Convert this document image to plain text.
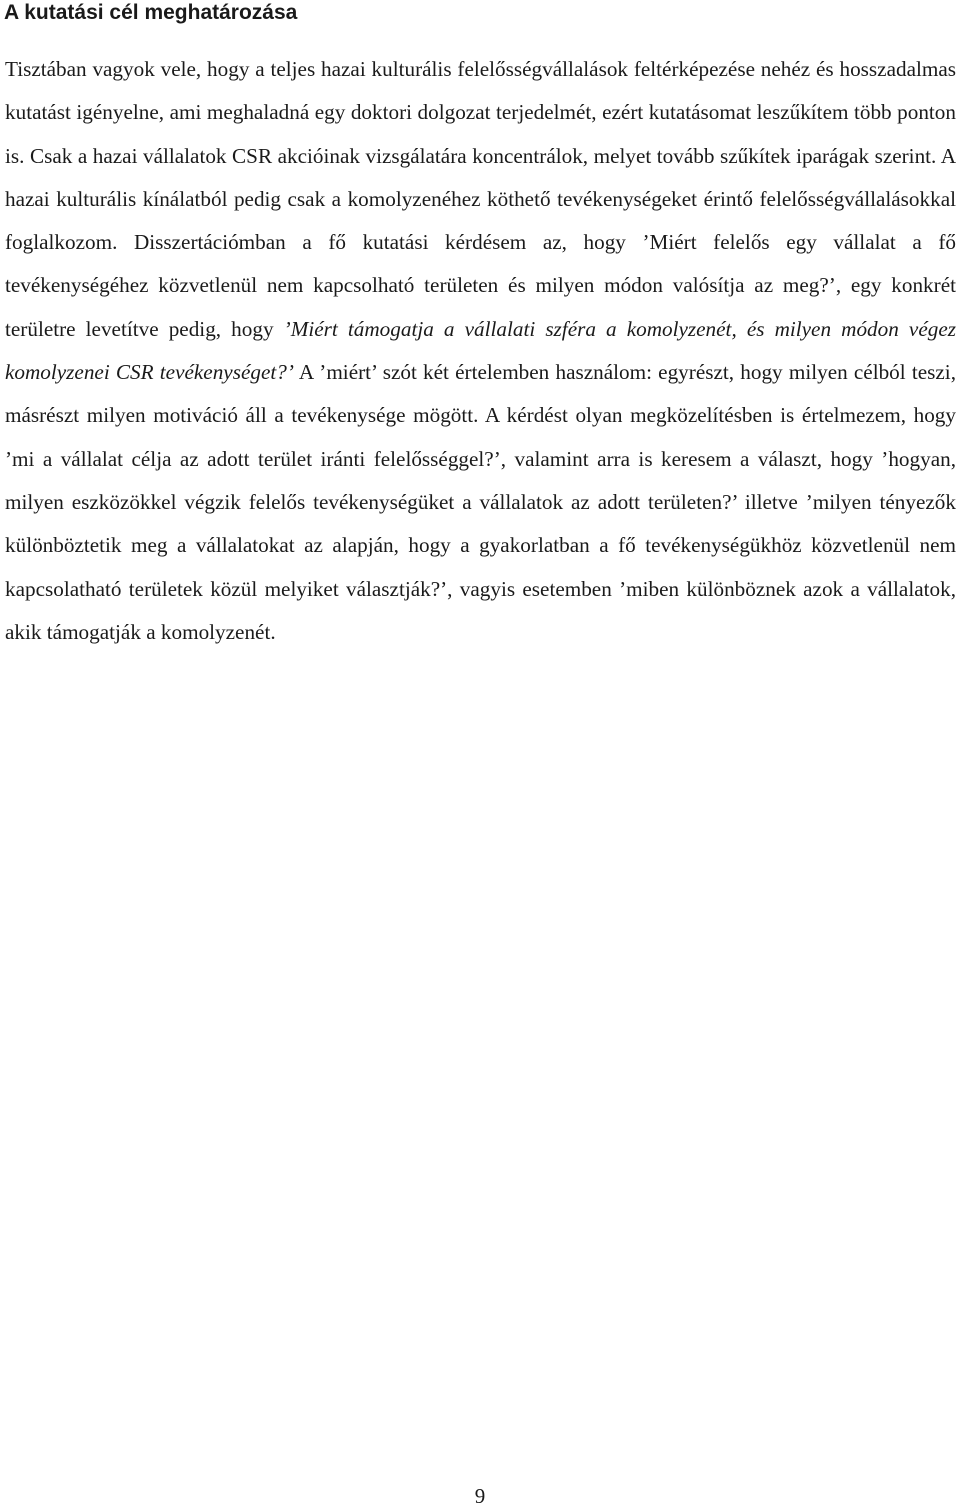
A kutatási cél meghatározása

Tisztában vagyok vele, hogy a teljes hazai kulturális felelősségvállalások feltérképezése nehéz és hosszadalmas kutatást igényelne, ami meghaladná egy doktori dolgozat terjedelmét, ezért kutatásomat leszűkítem több ponton is. Csak a hazai vállalatok CSR akcióinak vizsgálatára koncentrálok, melyet tovább szűkítek iparágak szerint. A hazai kulturális kínálatból pedig csak a komolyzenéhez köthető tevékenységeket érintő felelősségvállalásokkal foglalkozom. Disszertációmban a fő kutatási kérdésem az, hogy ’Miért felelős egy vállalat a fő tevékenységéhez közvetlenül nem kapcsolható területen és milyen módon valósítja az meg?’, egy konkrét területre levetítve pedig, hogy ’Miért támogatja a vállalati szféra a komolyzenét, és milyen módon végez komolyzenei CSR tevékenységet?’ A ’miért’ szót két értelemben használom: egyrészt, hogy milyen célból teszi, másrészt milyen motiváció áll a tevékenysége mögött. A kérdést olyan megközelítésben is értelmezem, hogy ’mi a vállalat célja az adott terület iránti felelősséggel?’, valamint arra is keresem a választ, hogy ’hogyan, milyen eszközökkel végzik felelős tevékenységüket a vállalatok az adott területen?’ illetve ’milyen tényezők különböztetik meg a vállalatokat az alapján, hogy a gyakorlatban a fő tevékenységükhöz közvetlenül nem kapcsolatható területek közül melyiket választják?’, vagyis esetemben ’miben különböznek azok a vállalatok, akik támogatják a komolyzenét.

9
